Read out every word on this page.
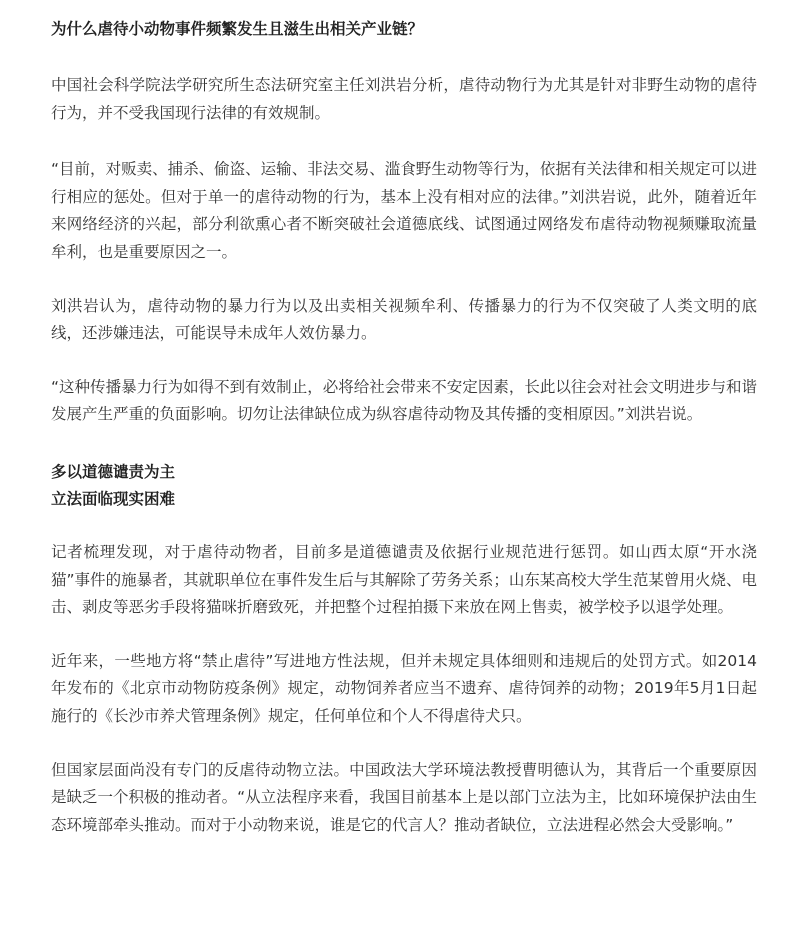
为什么虐待小动物事件频繁发生且滋生出相关产业链？

中国社会科学院法学研究所生态法研究室主任刘洪岩分析，虐待动物行为尤其是针对非野生动物的虐待行为，并不受我国现行法律的有效规制。

“目前，对贩卖、捕杀、偷盗、运输、非法交易、滥食野生动物等行为，依据有关法律和相关规定可以进行相应的惩处。但对于单一的虐待动物的行为，基本上没有相对应的法律。”刘洪岩说，此外，随着近年来网络经济的兴起，部分利欲熏心者不断突破社会道德底线、试图通过网络发布虐待动物视频赚取流量牟利，也是重要原因之一。

刘洪岩认为，虐待动物的暴力行为以及出卖相关视频牟利、传播暴力的行为不仅突破了人类文明的底线，还涉嫌违法，可能误导未成年人效仿暴力。

“这种传播暴力行为如得不到有效制止，必将给社会带来不安定因素，长此以往会对社会文明进步与和谐发展产生严重的负面影响。切勿让法律缺位成为纵容虐待动物及其传播的变相原因。”刘洪岩说。

多以道德谴责为主
立法面临现实困难

记者梳理发现，对于虐待动物者，目前多是道德谴责及依据行业规范进行惩罚。如山西太原“开水浇猫”事件的施暴者，其就职单位在事件发生后与其解除了劳务关系；山东某高校大学生范某曾用火烧、电击、剥皮等恶劣手段将猫咪折磨致死，并把整个过程拍摄下来放在网上售卖，被学校予以退学处理。

近年来，一些地方将“禁止虐待”写进地方性法规，但并未规定具体细则和违规后的处罚方式。如2014年发布的《北京市动物防疫条例》规定，动物饲养者应当不遗弃、虐待饲养的动物；2019年5月1日起施行的《长沙市养犬管理条例》规定，任何单位和个人不得虐待犬只。

但国家层面尚没有专门的反虐待动物立法。中国政法大学环境法教授曹明德认为，其背后一个重要原因是缺乏一个积极的推动者。“从立法程序来看，我国目前基本上是以部门立法为主，比如环境保护法由生态环境部牵头推动。而对于小动物来说，谁是它的代言人？推动者缺位，立法进程必然会大受影响。”
